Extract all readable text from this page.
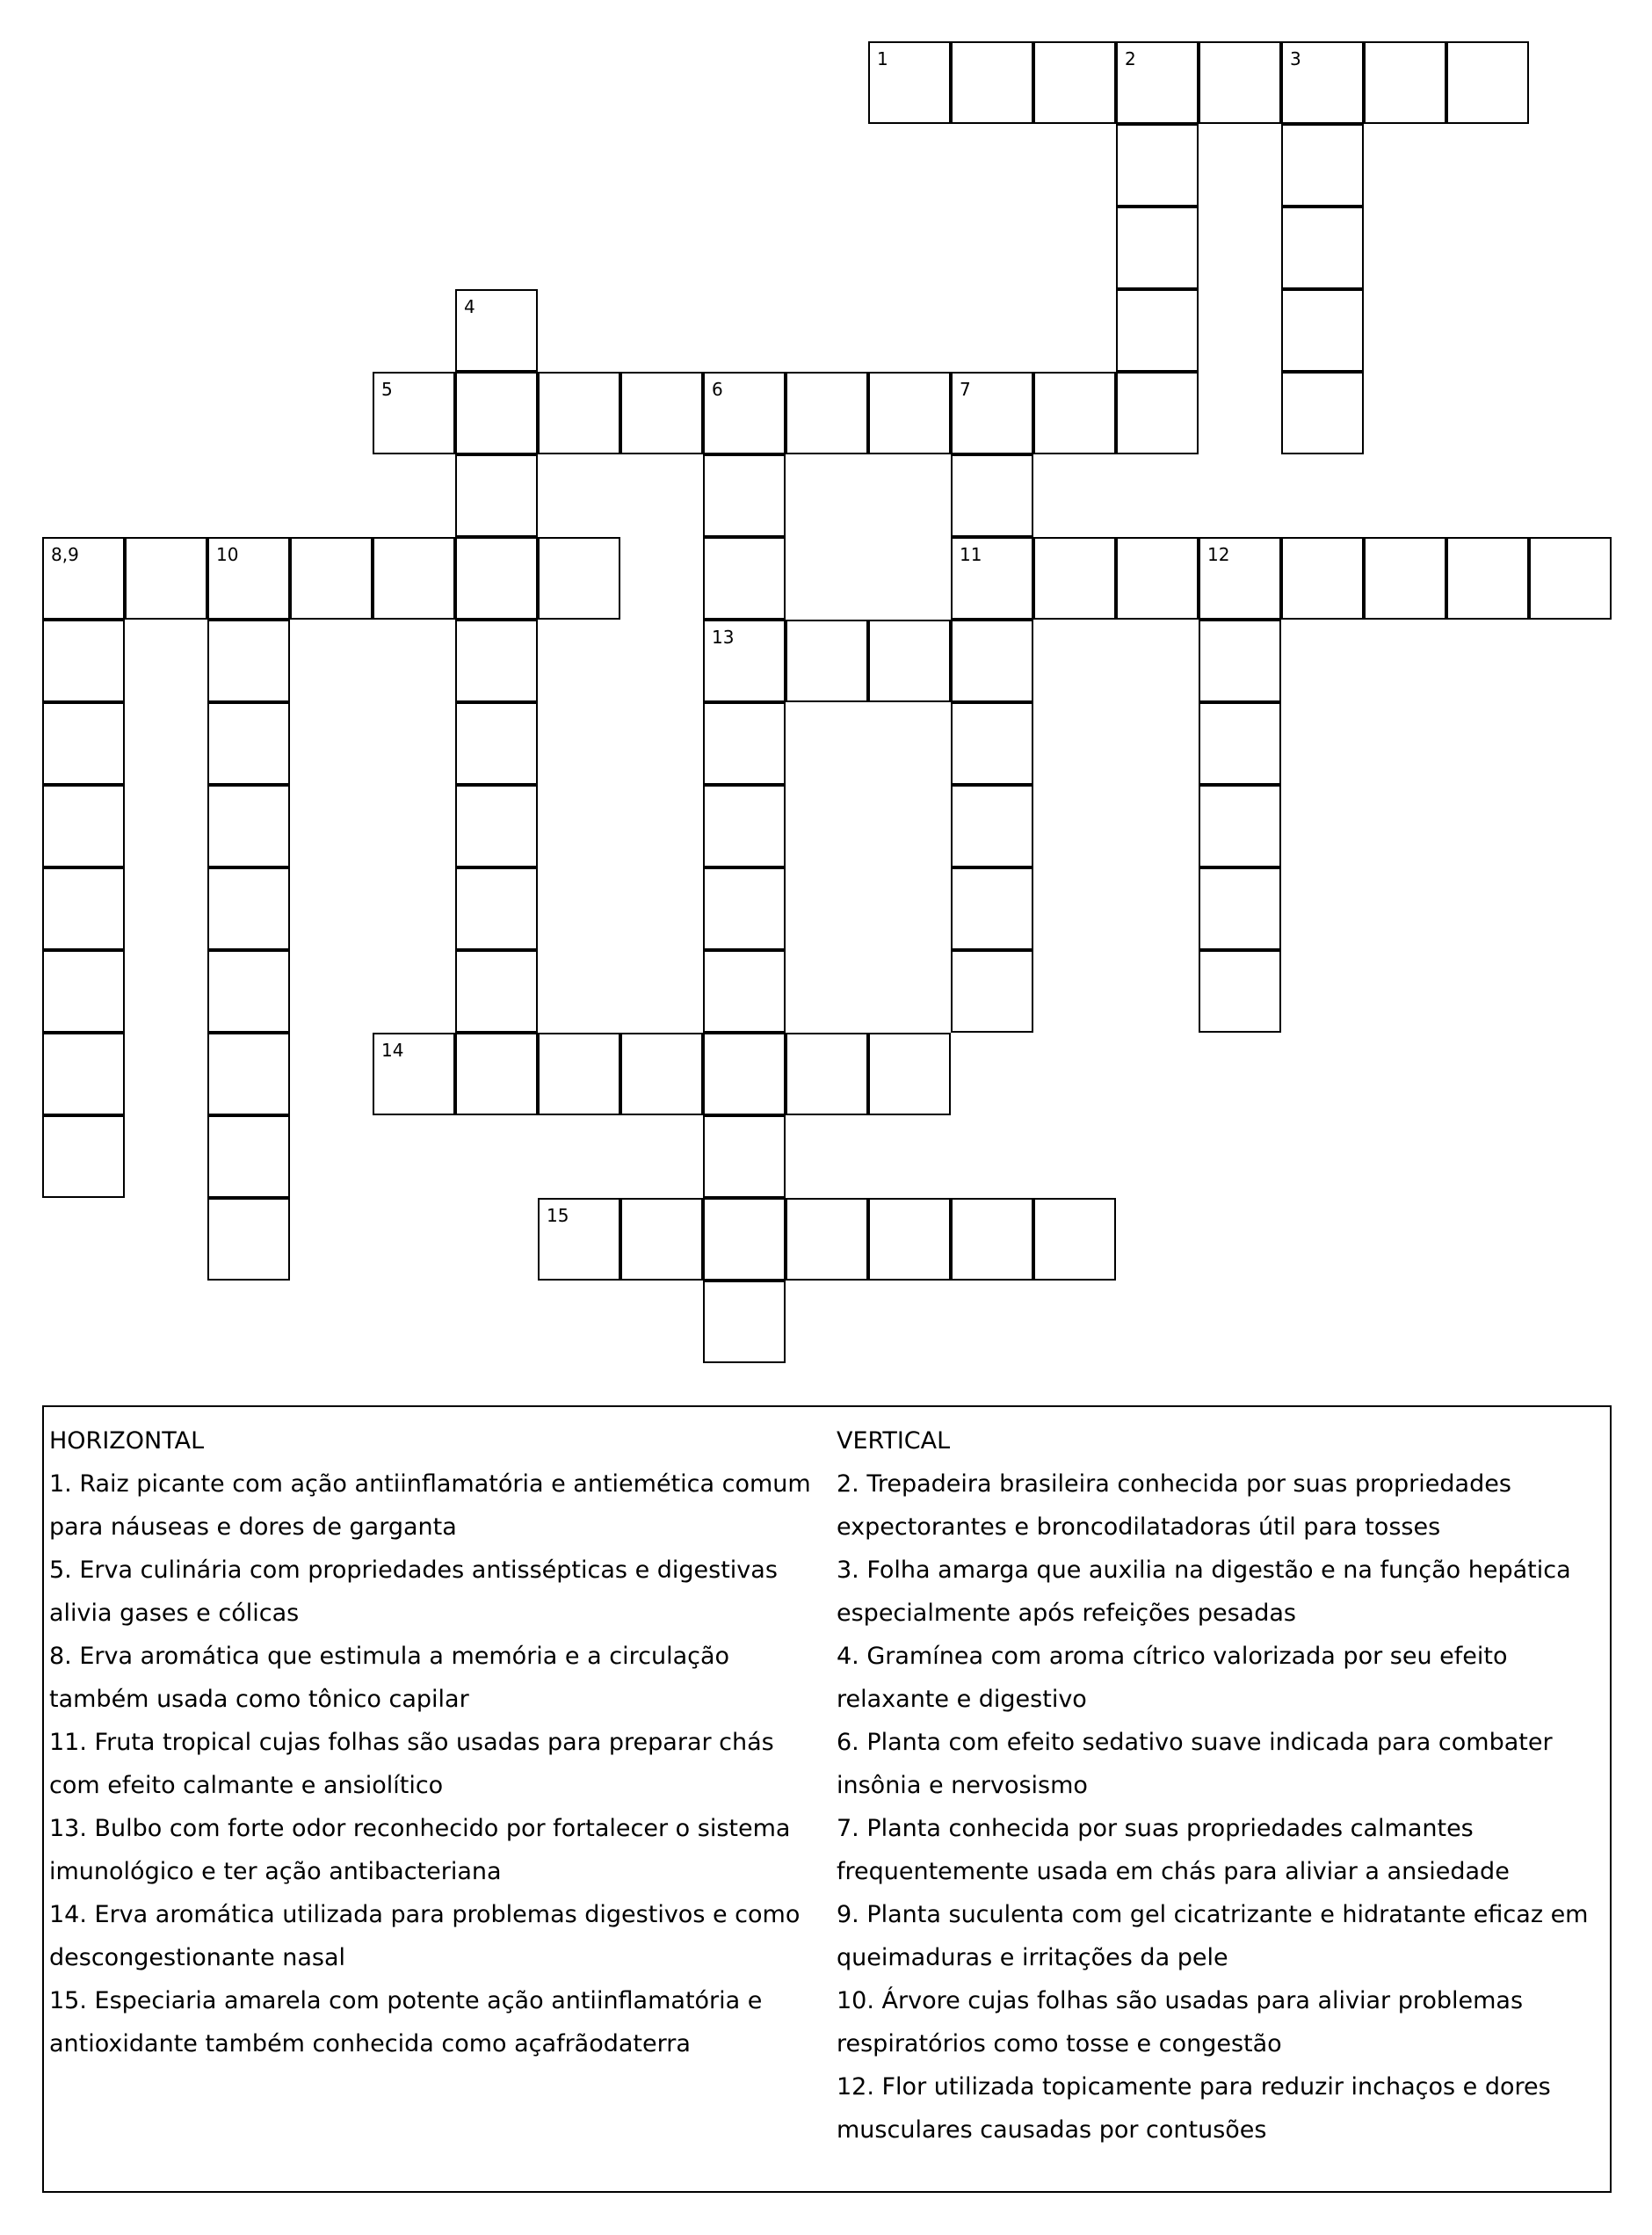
1	2	3
4
5	6	7
13
11
8,9	10	12
14
15

HORIZONTAL

1. Raiz picante com ação antiinflamatória e antiemética comum para náuseas e dores de garganta

5. Erva culinária com propriedades antissépticas e digestivas alivia gases e cólicas

8. Erva aromática que estimula a memória e a circulação também usada como tônico capilar

11. Fruta tropical cujas folhas são usadas para preparar chás com efeito calmante e ansiolítico

13. Bulbo com forte odor reconhecido por fortalecer o sistema imunológico e ter ação antibacteriana

14. Erva aromática utilizada para problemas digestivos e como descongestionante nasal

15. Especiaria amarela com potente ação antiinflamatória e antioxidante também conhecida como açafrãodaterra

VERTICAL

2. Trepadeira brasileira conhecida por suas propriedades expectorantes e broncodilatadoras útil para tosses

3. Folha amarga que auxilia na digestão e na função hepática especialmente após refeições pesadas

4. Gramínea com aroma cítrico valorizada por seu efeito relaxante e digestivo

6. Planta com efeito sedativo suave indicada para combater insônia e nervosismo

7. Planta conhecida por suas propriedades calmantes frequentemente usada em chás para aliviar a ansiedade

9. Planta suculenta com gel cicatrizante e hidratante eficaz em queimaduras e irritações da pele

10. Árvore cujas folhas são usadas para aliviar problemas respiratórios como tosse e congestão

12. Flor utilizada topicamente para reduzir inchaços e dores musculares causadas por contusões
